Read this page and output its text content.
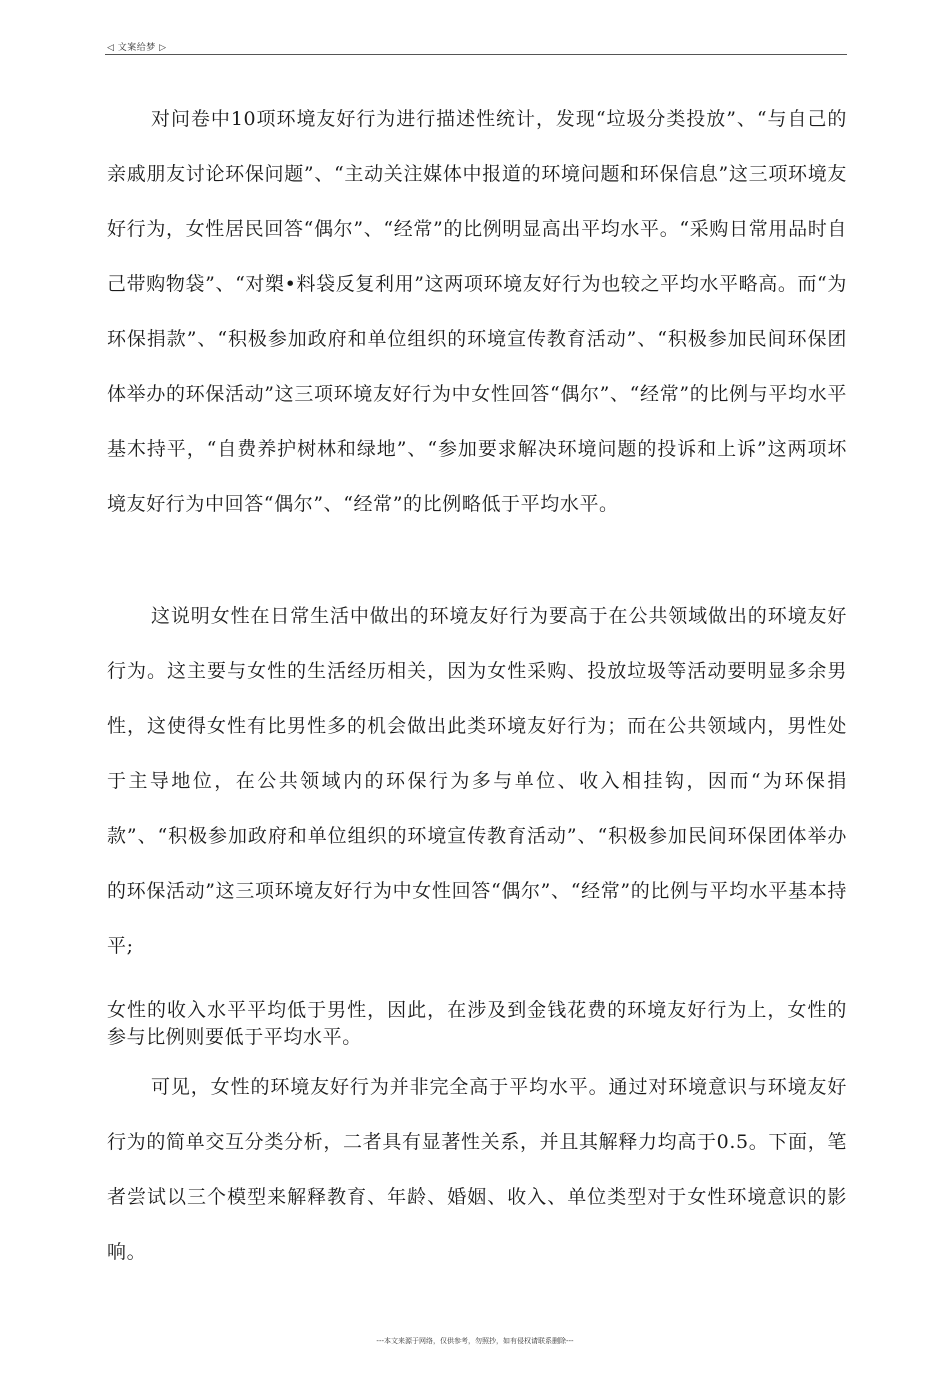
◁ 文案给梦 ▷

对问卷中10项环境友好行为进行描述性统计，发现“垃圾分类投放”、“与自己的亲戚朋友讨论环保问题”、“主动关注媒体中报道的环境问题和环保信息”这三项环境友好行为，女性居民回答“偶尔”、“经常”的比例明显高出平均水平。“采购日常用品时自己带购物袋”、“对槊•料袋反复利用”这两项环境友好行为也较之平均水平略高。而“为环保捐款”、“积极参加政府和单位组织的环境宣传教育活动”、“积极参加民间环保团体举办的环保活动”这三项环境友好行为中女性回答“偶尔”、“经常”的比例与平均水平基木持平，“自费养护树林和绿地”、“参加要求解决环境问题的投诉和上诉”这两项坏境友好行为中回答“偶尔”、“经常”的比例略低于平均水平。

这说明女性在日常生活中做出的环境友好行为要高于在公共领域做出的环境友好行为。这主要与女性的生活经历相关，因为女性采购、投放垃圾等活动要明显多余男性，这使得女性有比男性多的机会做出此类环境友好行为；而在公共领域内，男性处于主导地位，在公共领域内的环保行为多与单位、收入相挂钩，因而“为环保捐款”、“积极参加政府和单位组织的环境宣传教育活动”、“积极参加民间环保团体举办的环保活动”这三项环境友好行为中女性回答“偶尔”、“经常”的比例与平均水平基本持平;

女性的收入水平平均低于男性，因此，在涉及到金钱花费的环境友好行为上，女性的参与比例则要低于平均水平。

可见，女性的环境友好行为并非完全高于平均水平。通过对环境意识与环境友好行为的简单交互分类分析，二者具有显著性关系，并且其解释力均高于0.5。下面，笔者尝试以三个模型来解释教育、年龄、婚姻、收入、单位类型对于女性环境意识的影响。

---本文来源于网络，仅供参考，勿照抄，如有侵权请联系删除---
